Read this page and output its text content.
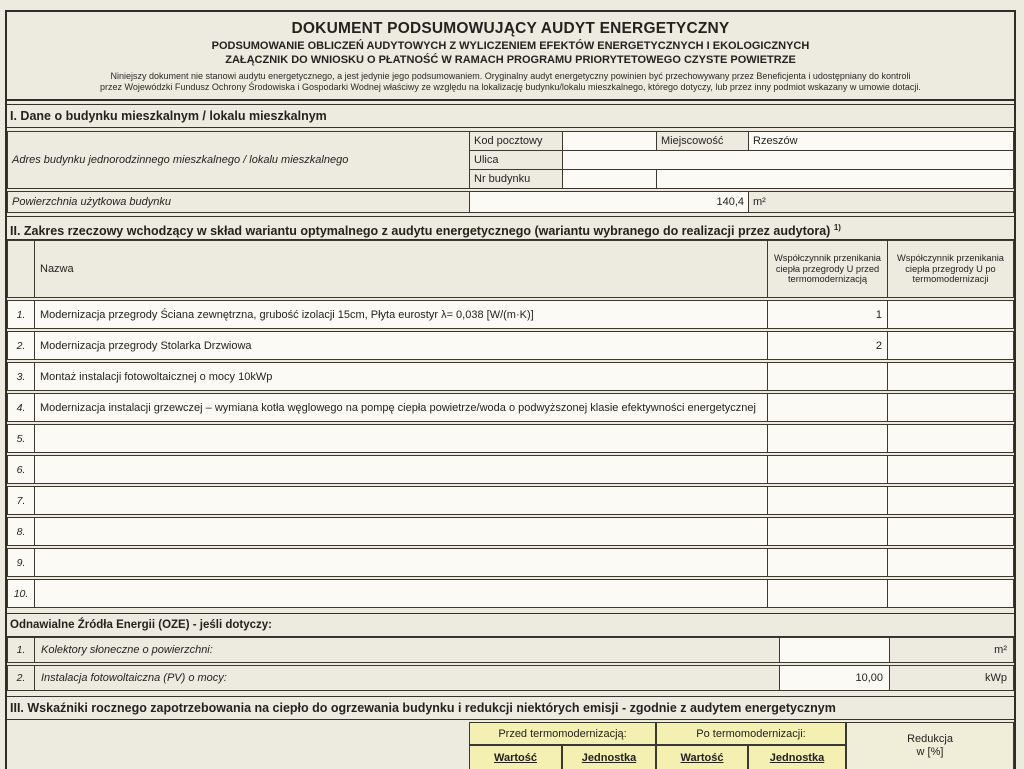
DOKUMENT PODSUMOWUJĄCY AUDYT ENERGETYCZNY
PODSUMOWANIE OBLICZEŃ AUDYTOWYCH Z WYLICZENIEM EFEKTÓW ENERGETYCZNYCH I EKOLOGICZNYCH
ZAŁĄCZNIK DO WNIOSKU O PŁATNOŚĆ W RAMACH PROGRAMU PRIORYTETOWEGO CZYSTE POWIETRZE
Niniejszy dokument nie stanowi audytu energetycznego, a jest jedynie jego podsumowaniem. Oryginalny audyt energetyczny powinien być przechowywany przez Beneficjenta i udostępniany do kontroli
przez Wojewódzki Fundusz Ochrony Środowiska i Gospodarki Wodnej właściwy ze względu na lokalizację budynku/lokalu mieszkalnego, którego dotyczy, lub przez inny podmiot wskazany w umowie dotacji.
I. Dane o budynku mieszkalnym / lokalu mieszkalnym
Adres budynku jednorodzinnego mieszkalnego / lokalu mieszkalnego	Kod pocztowy		Miejscowość	Rzeszów
	Ulica			
	Nr budynku			
Powierzchnia użytkowa budynku	140,4	m²
II. Zakres rzeczowy wchodzący w skład wariantu optymalnego z audytu energetycznego (wariantu wybranego do realizacji przez audytora) $^{1)}$
	Nazwa	Współczynnik przenikania ciepła przegrody U przed termomodernizacją	Współczynnik przenikania ciepła przegrody U po termomodernizacji
1.	Modernizacja przegrody Ściana zewnętrzna, grubość izolacji 15cm, Płyta eurostyr λ= 0,038 [W/(m·K)]	1	
2.	Modernizacja przegrody Stolarka Drzwiowa	2	
3.	Montaż instalacji fotowoltaicznej o mocy 10kWp		
4.	Modernizacja instalacji grzewczej – wymiana kotła węglowego na pompę ciepła powietrze/woda o podwyższonej klasie efektywności energetycznej		
5.			
6.			
7.			
8.			
9.			
10.			
Odnawialne Źródła Energii (OZE) - jeśli dotyczy:
1.	Kolektory słoneczne o powierzchni:		m²
2.	Instalacja fotowoltaiczna (PV) o mocy:	10,00	kWp
III. Wskaźniki rocznego zapotrzebowania na ciepło do ogrzewania budynku i redukcji niektórych emisji - zgodnie z audytem energetycznym
	Przed termomodernizacją:		Po termomodernizacji:		Redukcja
w [%]

	Wartość	Jednostka	Wartość	Jednostka	
